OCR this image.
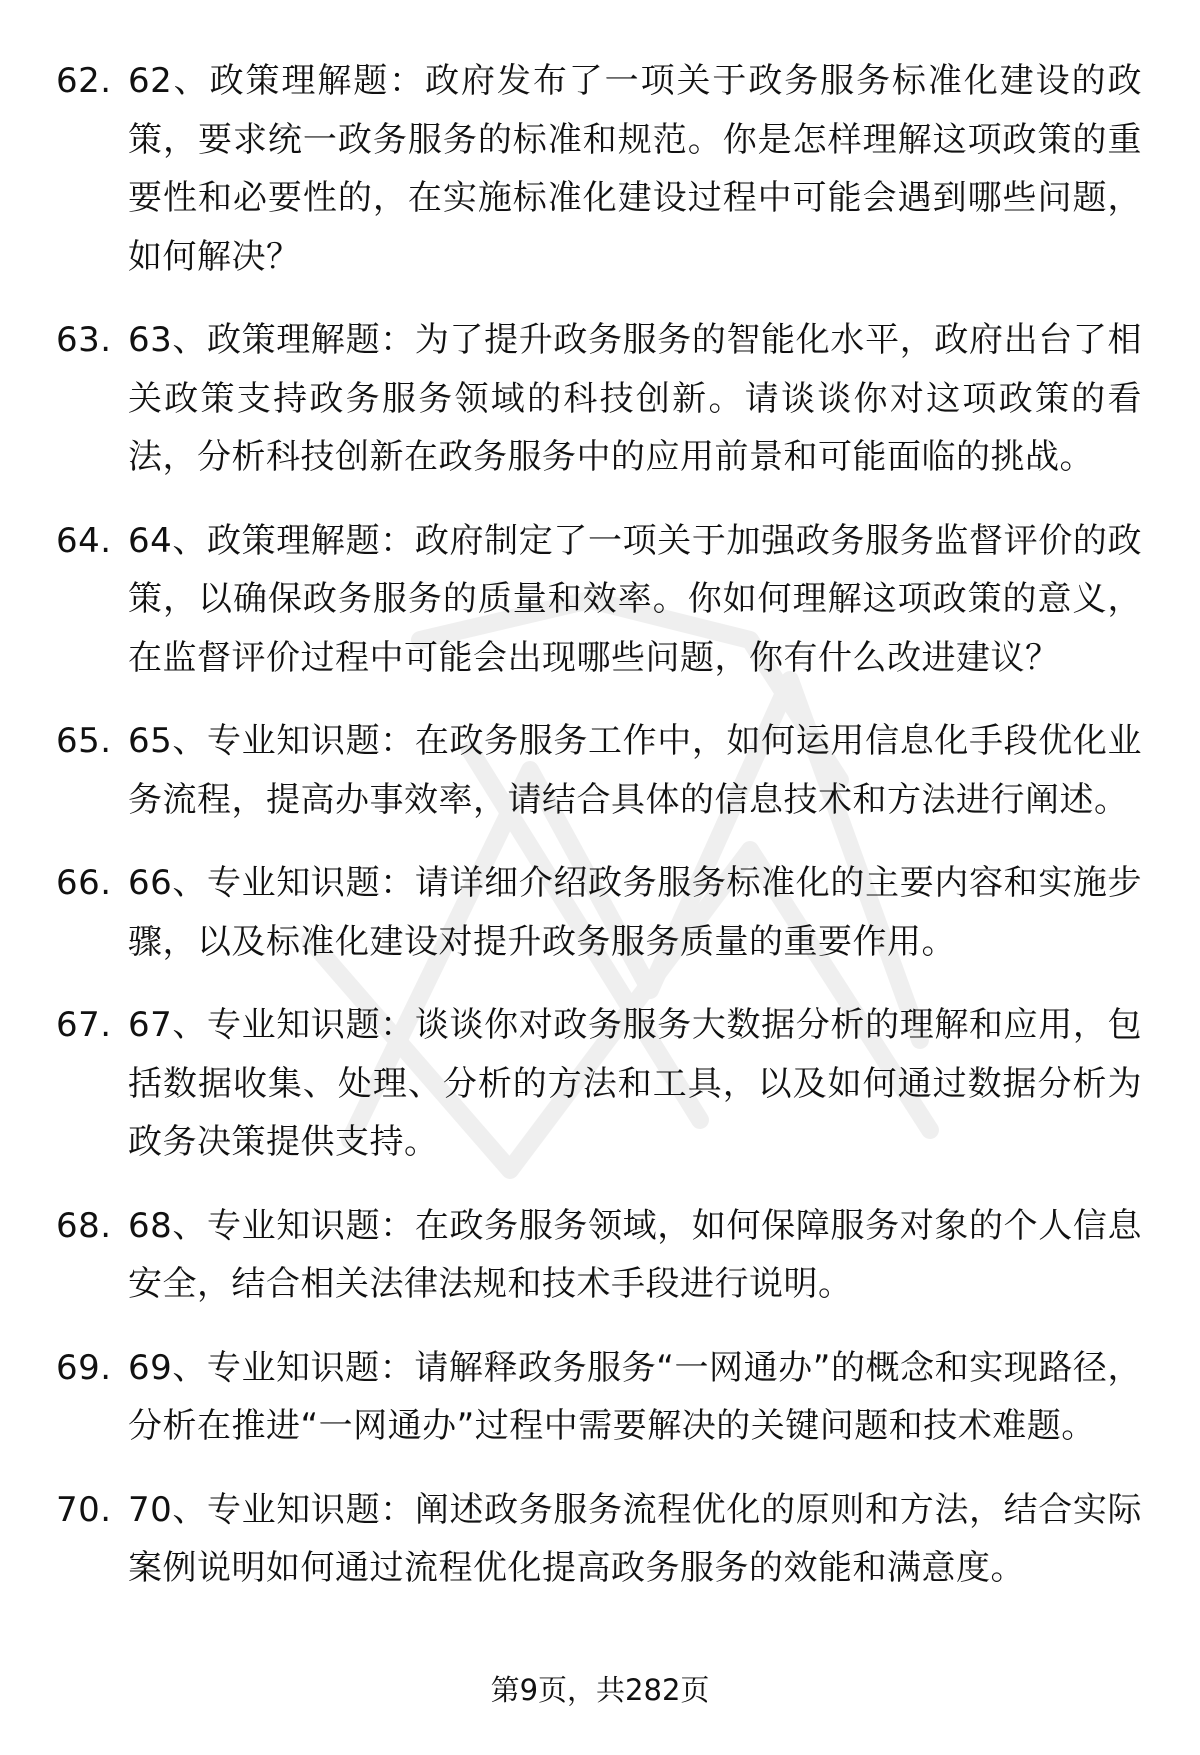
62. 62、政策理解题：政府发布了一项关于政务服务标准化建设的政策，要求统一政务服务的标准和规范。你是怎样理解这项政策的重要性和必要性的，在实施标准化建设过程中可能会遇到哪些问题，如何解决？
63. 63、政策理解题：为了提升政务服务的智能化水平，政府出台了相关政策支持政务服务领域的科技创新。请谈谈你对这项政策的看法，分析科技创新在政务服务中的应用前景和可能面临的挑战。
64. 64、政策理解题：政府制定了一项关于加强政务服务监督评价的政策，以确保政务服务的质量和效率。你如何理解这项政策的意义，在监督评价过程中可能会出现哪些问题，你有什么改进建议？
65. 65、专业知识题：在政务服务工作中，如何运用信息化手段优化业务流程，提高办事效率，请结合具体的信息技术和方法进行阐述。
66. 66、专业知识题：请详细介绍政务服务标准化的主要内容和实施步骤，以及标准化建设对提升政务服务质量的重要作用。
67. 67、专业知识题：谈谈你对政务服务大数据分析的理解和应用，包括数据收集、处理、分析的方法和工具，以及如何通过数据分析为政务决策提供支持。
68. 68、专业知识题：在政务服务领域，如何保障服务对象的个人信息安全，结合相关法律法规和技术手段进行说明。
69. 69、专业知识题：请解释政务服务“一网通办”的概念和实现路径，分析在推进“一网通办”过程中需要解决的关键问题和技术难题。
70. 70、专业知识题：阐述政务服务流程优化的原则和方法，结合实际案例说明如何通过流程优化提高政务服务的效能和满意度。
第9页，共282页
